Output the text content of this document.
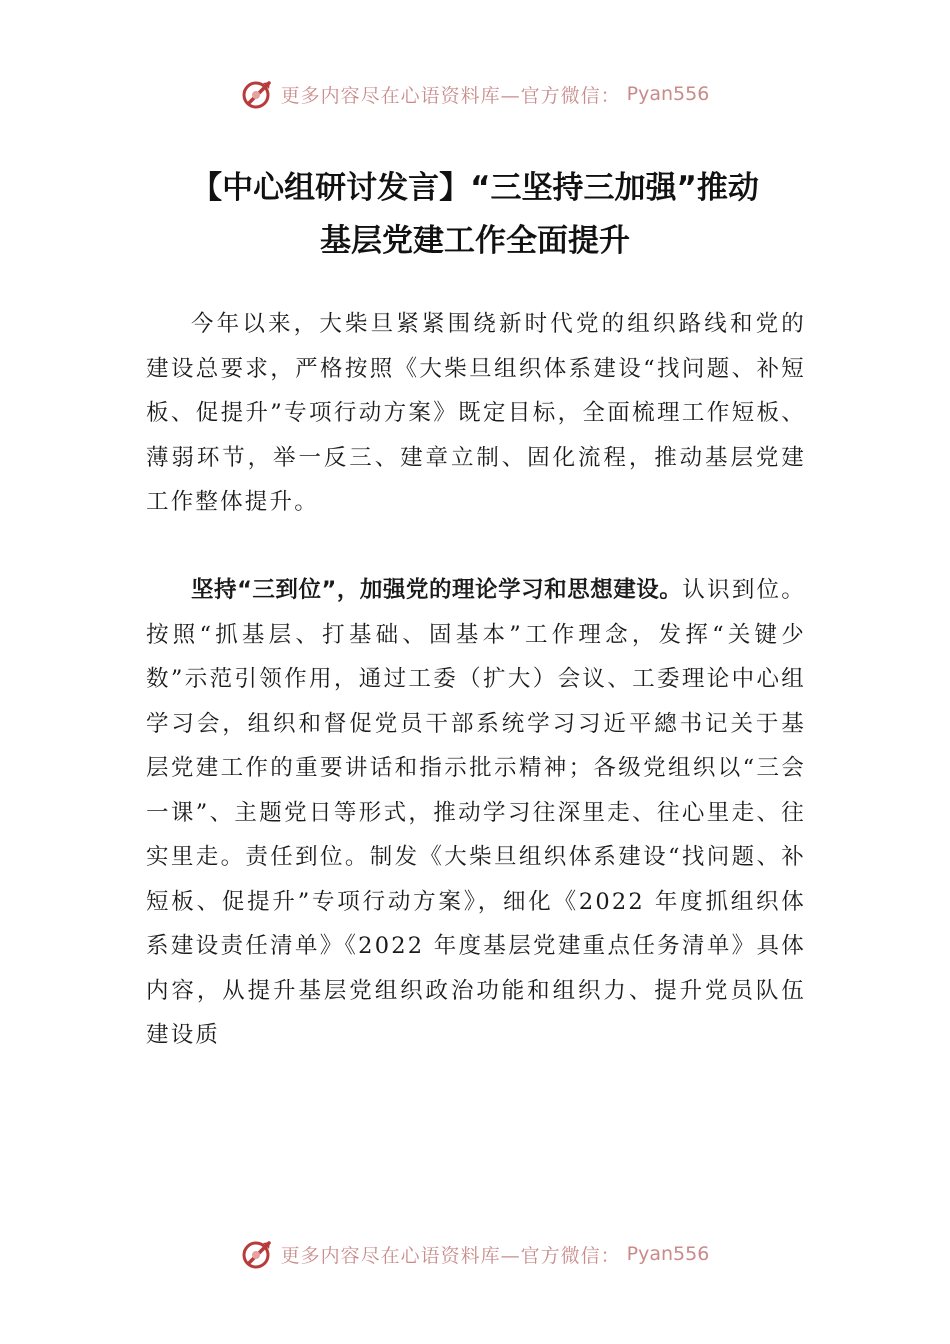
更多内容尽在心语资料库—官方微信： Pyan556
【中心组研讨发言】“三坚持三加强”推动
基层党建工作全面提升

今年以来，大柴旦紧紧围绕新时代党的组织路线和党的建设总要求，严格按照《大柴旦组织体系建设“找问题、补短板、促提升”专项行动方案》既定目标，全面梳理工作短板、薄弱环节，举一反三、建章立制、固化流程，推动基层党建工作整体提升。

坚持“三到位”，加强党的理论学习和思想建设。认识到位。按照“抓基层、打基础、固基本”工作理念，发挥“关键少数”示范引领作用，通过工委（扩大）会议、工委理论中心组学习会，组织和督促党员干部系统学习习近平總书记关于基层党建工作的重要讲话和指示批示精神；各级党组织以“三会一课”、主题党日等形式，推动学习往深里走、往心里走、往实里走。责任到位。制发《大柴旦组织体系建设“找问题、补短板、促提升”专项行动方案》，细化《2022 年度抓组织体系建设责任清单》《2022 年度基层党建重点任务清单》具体内容，从提升基层党组织政治功能和组织力、提升党员队伍建设质

更多内容尽在心语资料库—官方微信： Pyan556
